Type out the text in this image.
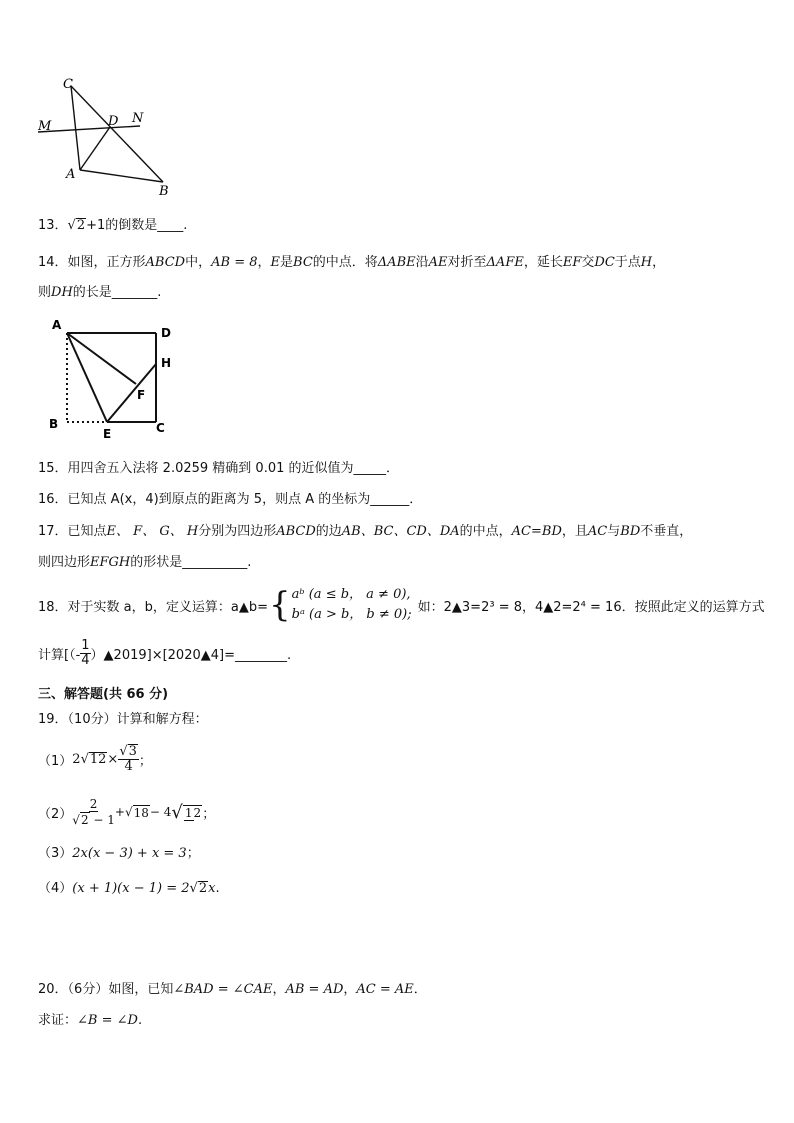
C
M	D N
A
B
13．√2+1的倒数是____.
14．如图，正方形ABCD中，AB = 8，E是BC的中点．将ΔABE沿AE对折至ΔAFE，延长EF交DC于点H，
则DH的长是_______.
A
D
H
F
B
E	C
15．用四舍五入法将 2.0259 精确到 0.01 的近似值为_____．
16．已知点 A(x，4)到原点的距离为 5，则点 A 的坐标为______．
17．已知点E、 F、 G、 H分别为四边形ABCD的边AB、BC、CD、DA的中点，AC=BD，且AC与BD不垂直，
则四边形EFGH的形状是__________.
18．对于实数 a，b，定义运算：a▲b= { aᵇ (a ≤ b， a ≠ 0),
bᵃ (a > b， b ≠ 0); 如：2▲3=2³ = 8，4▲2=2⁴ = 16．按照此定义的运算方式
计算[（- $\frac{1}{4}$ ）▲2019]×[2020▲4]=________.
三、解答题(共 66 分)
19．（10分）计算和解方程：
（1） 2 √ $12 \times \frac{√3}{4}$ ；
（2）
2
√2 − 1
+ √ 18 − 4 √ 12 ；
（3）2x(x − 3) + x = 3；
（4）(x + 1)(x − 1) = 2√2x.
20．（6分）如图，已知∠BAD = ∠CAE，AB = AD，AC = AE．
求证：∠B = ∠D.
